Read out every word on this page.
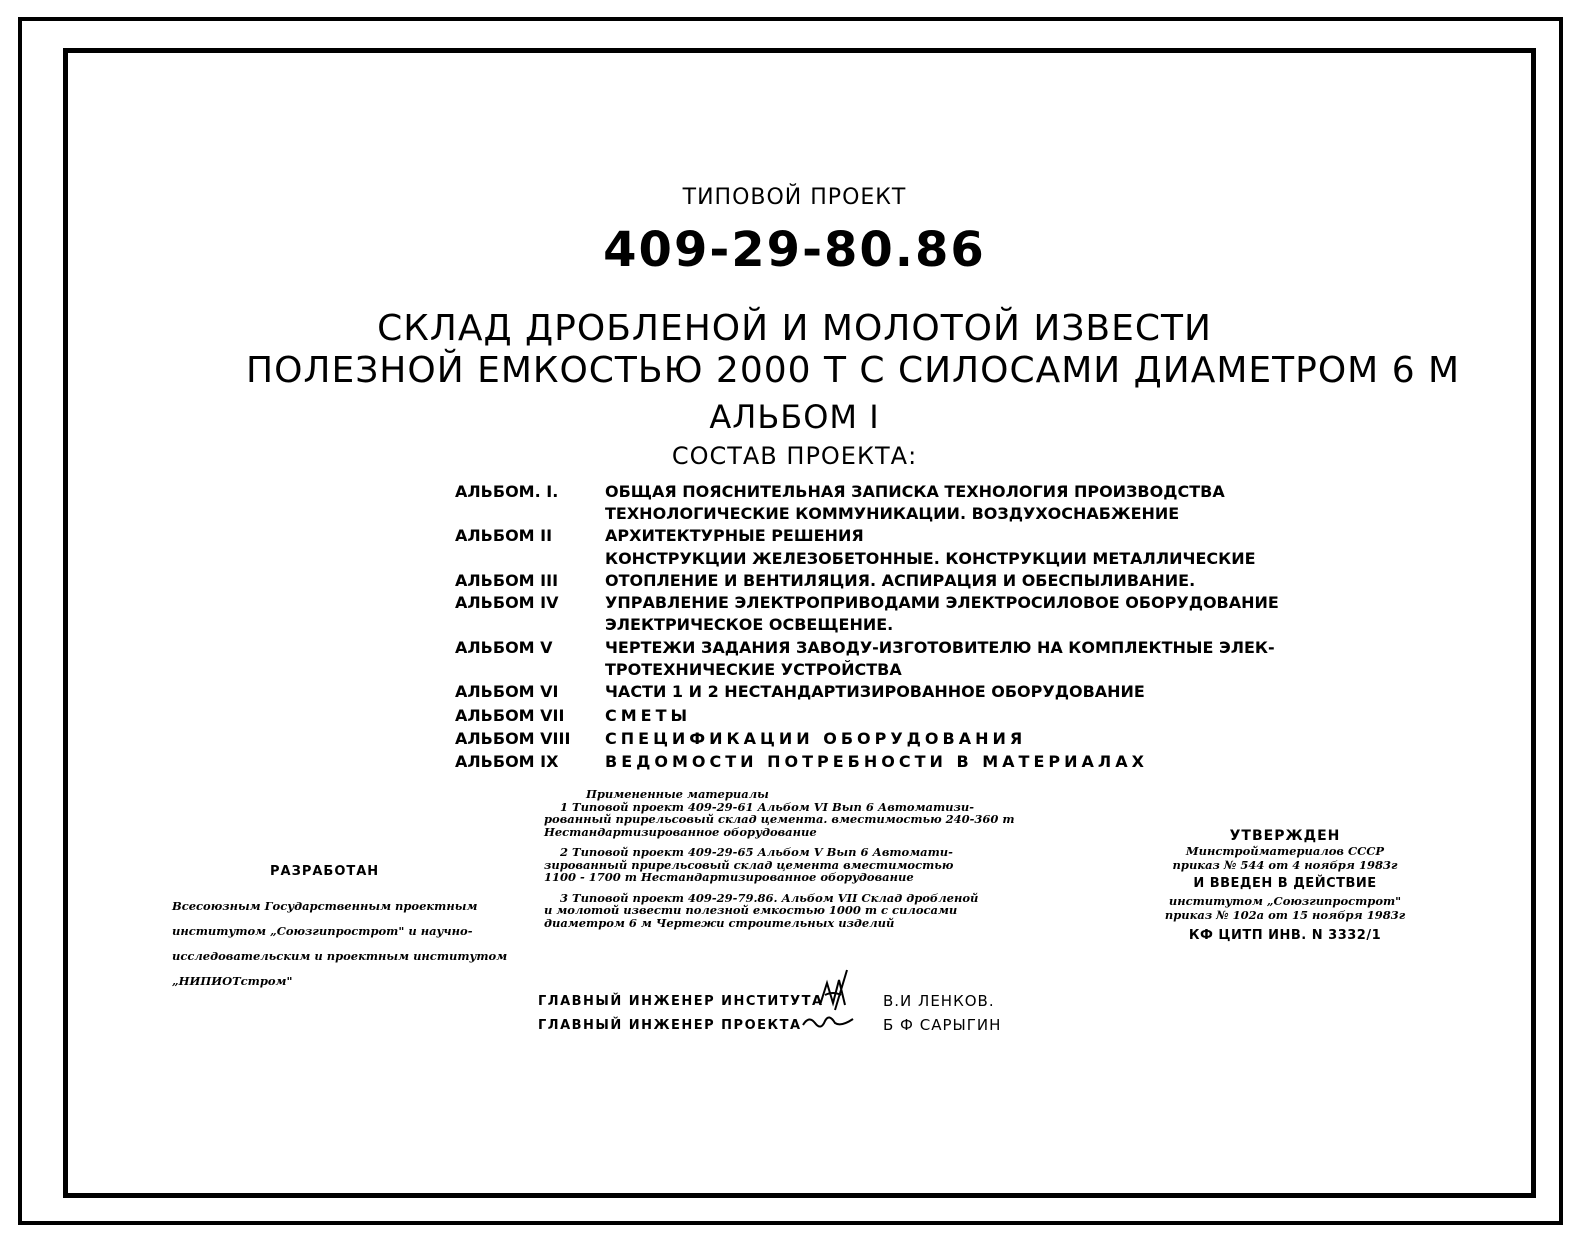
ТИПОВОЙ ПРОЕКТ
409-29-80.86
СКЛАД ДРОБЛЕНОЙ И МОЛОТОЙ ИЗВЕСТИ
ПОЛЕЗНОЙ ЕМКОСТЬЮ 2000 Т С СИЛОСАМИ ДИАМЕТРОМ 6 М
АЛЬБОМ I
СОСТАВ ПРОЕКТА:
АЛЬБОМ. I.	ОБЩАЯ ПОЯСНИТЕЛЬНАЯ ЗАПИСКА ТЕХНОЛОГИЯ ПРОИЗВОДСТВА
ТЕХНОЛОГИЧЕСКИЕ КОММУНИКАЦИИ. ВОЗДУХОСНАБЖЕНИЕ
АЛЬБОМ II	АРХИТЕКТУРНЫЕ РЕШЕНИЯ
КОНСТРУКЦИИ ЖЕЛЕЗОБЕТОННЫЕ. КОНСТРУКЦИИ МЕТАЛЛИЧЕСКИЕ
АЛЬБОМ III	ОТОПЛЕНИЕ И ВЕНТИЛЯЦИЯ. АСПИРАЦИЯ И ОБЕСПЫЛИВАНИЕ.
АЛЬБОМ IV	УПРАВЛЕНИЕ ЭЛЕКТРОПРИВОДАМИ ЭЛЕКТРОСИЛОВОЕ ОБОРУДОВАНИЕ
ЭЛЕКТРИЧЕСКОЕ ОСВЕЩЕНИЕ.
АЛЬБОМ V	ЧЕРТЕЖИ ЗАДАНИЯ ЗАВОДУ-ИЗГОТОВИТЕЛЮ НА КОМПЛЕКТНЫЕ ЭЛЕК-
ТРОТЕХНИЧЕСКИЕ УСТРОЙСТВА
АЛЬБОМ VI	ЧАСТИ 1 И 2 НЕСТАНДАРТИЗИРОВАННОЕ ОБОРУДОВАНИЕ
АЛЬБОМ VII	СМЕТЫ
АЛЬБОМ VIII СПЕЦИФИКАЦИИ ОБОРУДОВАНИЯ
АЛЬБОМ IX	ВЕДОМОСТИ ПОТРЕБНОСТИ В МАТЕРИАЛАХ
Примененные материалы
1 Типовой проект 409-29-61 Альбом VI Вып 6 Автоматизи-
рованный прирельсовый склад цемента. вместимостью 240-360 т
Нестандартизированное оборудование
2 Типовой проект 409-29-65 Альбом V Вып 6 Автомати-
зированный прирельсовый склад цемента вместимостью
1100 - 1700 т Нестандартизированное оборудование
3 Типовой проект 409-29-79.86. Альбом VII Склад дробленой
и молотой извести полезной емкостью 1000 т с силосами
диаметром 6 м Чертежи строительных изделий
РАЗРАБОТАН
Всесоюзным Государственным проектным
институтом „Союзгипрострom" и научно-
исследовательским и проектным институтом
„НИПИОТстром"
УТВЕРЖДЕН
Минстройматериалов СССР
приказ № 544 от 4 ноября 1983г
И ВВЕДЕН В ДЕЙСТВИЕ
институтом „Союзгипрострom"
приказ № 102а от 15 ноября 1983г
КФ ЦИТП ИНВ. N 3332/1
ГЛАВНЫЙ ИНЖЕНЕР ИНСТИТУТА	В.И ЛЕНКОВ.
ГЛАВНЫЙ ИНЖЕНЕР ПРОЕКТА	Б Ф САРЫГИН
